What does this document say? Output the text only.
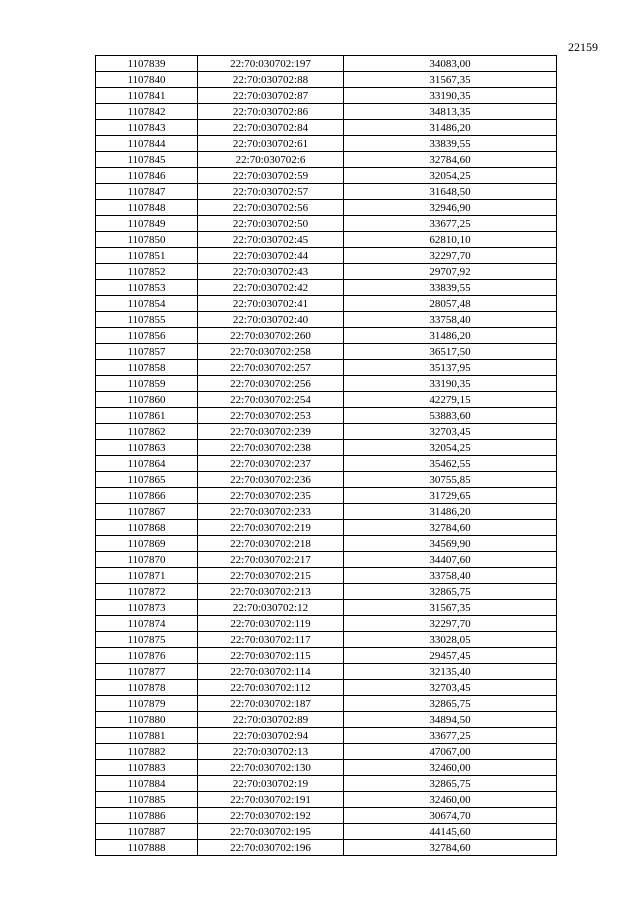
22159
1107839	22:70:030702:197	34083,00
1107840	22:70:030702:88	31567,35
1107841	22:70:030702:87	33190,35
1107842	22:70:030702:86	34813,35
1107843	22:70:030702:84	31486,20
1107844	22:70:030702:61	33839,55
1107845	22:70:030702:6	32784,60
1107846	22:70:030702:59	32054,25
1107847	22:70:030702:57	31648,50
1107848	22:70:030702:56	32946,90
1107849	22:70:030702:50	33677,25
1107850	22:70:030702:45	62810,10
1107851	22:70:030702:44	32297,70
1107852	22:70:030702:43	29707,92
1107853	22:70:030702:42	33839,55
1107854	22:70:030702:41	28057,48
1107855	22:70:030702:40	33758,40
1107856	22:70:030702:260	31486,20
1107857	22:70:030702:258	36517,50
1107858	22:70:030702:257	35137,95
1107859	22:70:030702:256	33190,35
1107860	22:70:030702:254	42279,15
1107861	22:70:030702:253	53883,60
1107862	22:70:030702:239	32703,45
1107863	22:70:030702:238	32054,25
1107864	22:70:030702:237	35462,55
1107865	22:70:030702:236	30755,85
1107866	22:70:030702:235	31729,65
1107867	22:70:030702:233	31486,20
1107868	22:70:030702:219	32784,60
1107869	22:70:030702:218	34569,90
1107870	22:70:030702:217	34407,60
1107871	22:70:030702:215	33758,40
1107872	22:70:030702:213	32865,75
1107873	22:70:030702:12	31567,35
1107874	22:70:030702:119	32297,70
1107875	22:70:030702:117	33028,05
1107876	22:70:030702:115	29457,45
1107877	22:70:030702:114	32135,40
1107878	22:70:030702:112	32703,45
1107879	22:70:030702:187	32865,75
1107880	22:70:030702:89	34894,50
1107881	22:70:030702:94	33677,25
1107882	22:70:030702:13	47067,00
1107883	22:70:030702:130	32460,00
1107884	22:70:030702:19	32865,75
1107885	22:70:030702:191	32460,00
1107886	22:70:030702:192	30674,70
1107887	22:70:030702:195	44145,60
1107888	22:70:030702:196	32784,60
